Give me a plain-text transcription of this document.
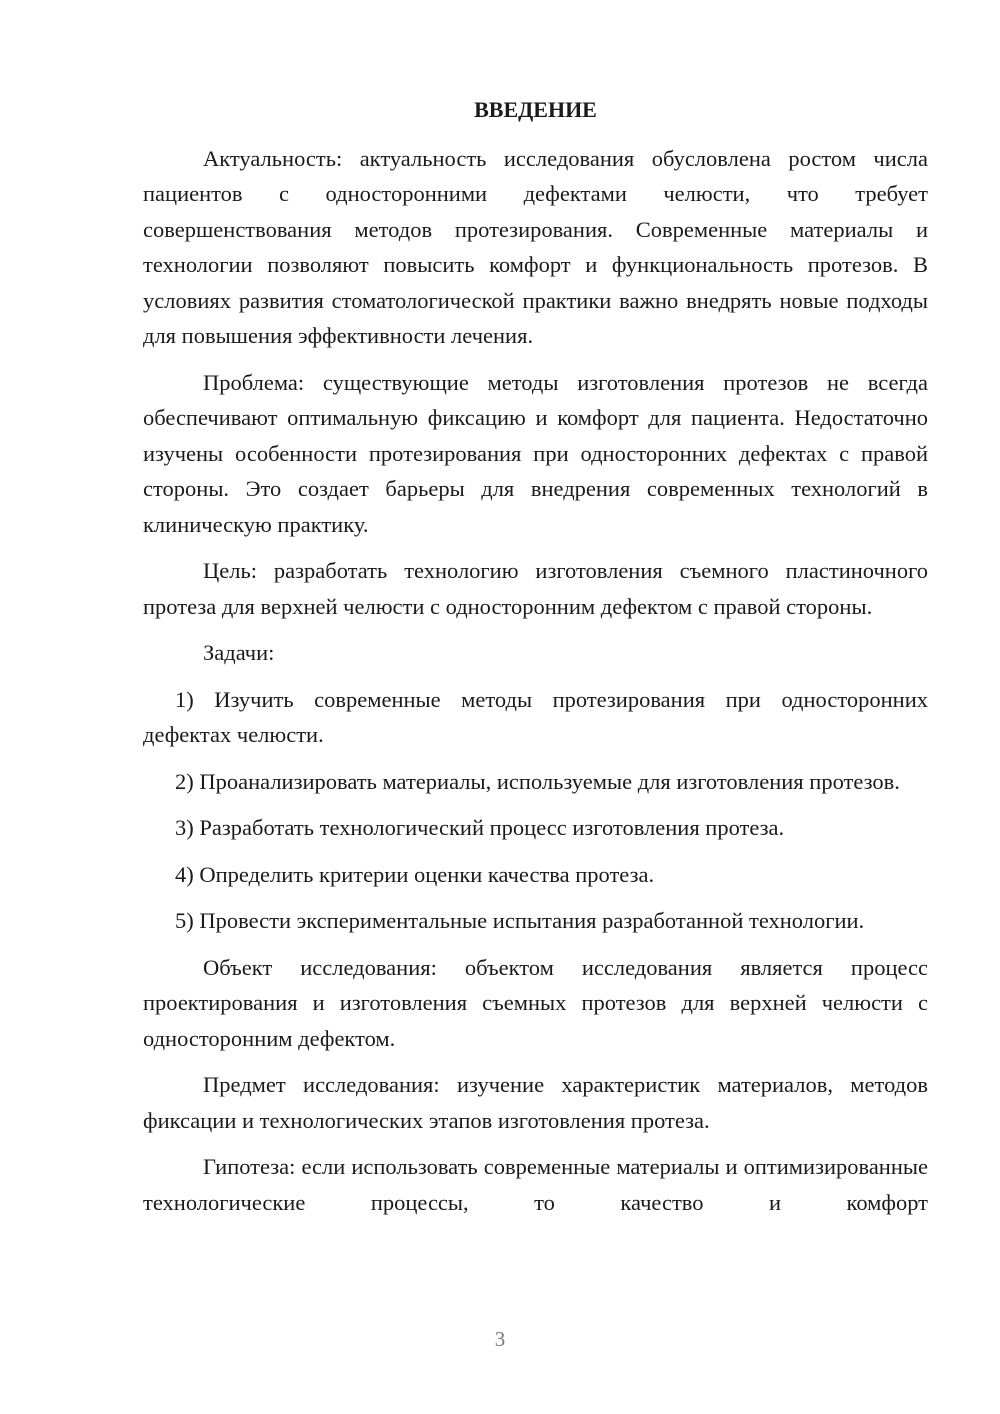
ВВЕДЕНИЕ

Актуальность: актуальность исследования обусловлена ростом числа пациентов с односторонними дефектами челюсти, что требует совершенствования методов протезирования. Современные материалы и технологии позволяют повысить комфорт и функциональность протезов. В условиях развития стоматологической практики важно внедрять новые подходы для повышения эффективности лечения.

Проблема: существующие методы изготовления протезов не всегда обеспечивают оптимальную фиксацию и комфорт для пациента. Недостаточно изучены особенности протезирования при односторонних дефектах с правой стороны. Это создает барьеры для внедрения современных технологий в клиническую практику.

Цель: разработать технологию изготовления съемного пластиночного протеза для верхней челюсти с односторонним дефектом с правой стороны.

Задачи:

1) Изучить современные методы протезирования при односторонних дефектах челюсти.

2) Проанализировать материалы, используемые для изготовления протезов.

3) Разработать технологический процесс изготовления протеза.

4) Определить критерии оценки качества протеза.

5) Провести экспериментальные испытания разработанной технологии.

Объект исследования: объектом исследования является процесс проектирования и изготовления съемных протезов для верхней челюсти с односторонним дефектом.

Предмет исследования: изучение характеристик материалов, методов фиксации и технологических этапов изготовления протеза.

Гипотеза: если использовать современные материалы и оптимизированные технологические процессы, то качество и комфорт

3
